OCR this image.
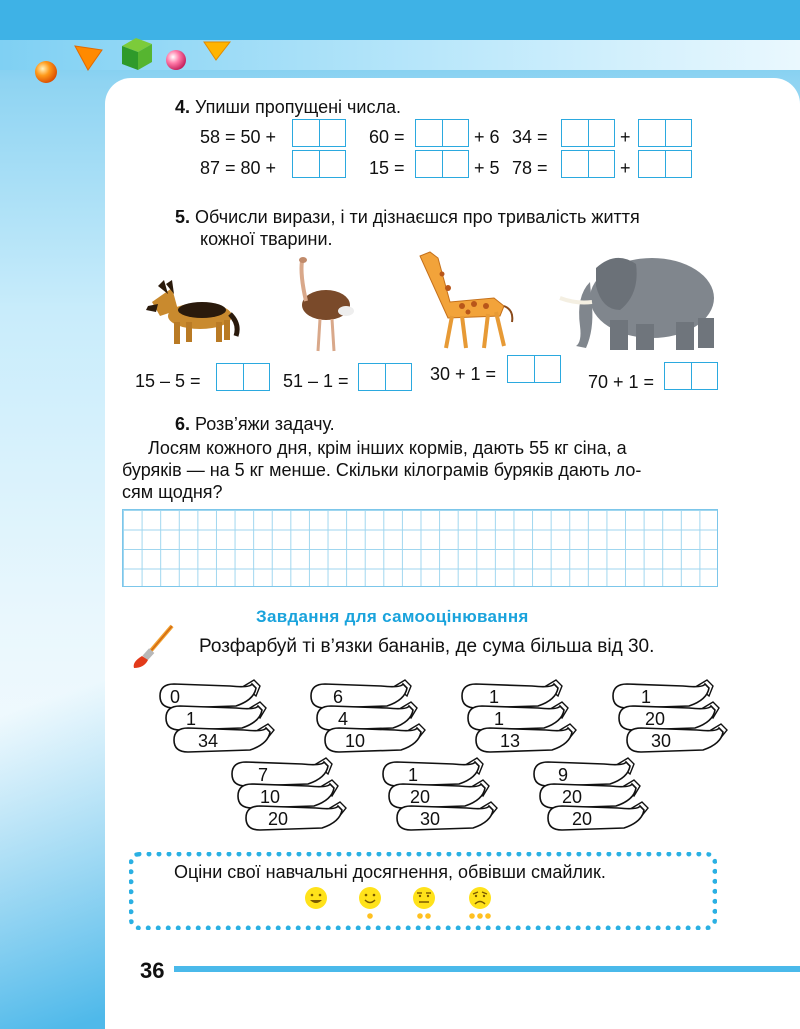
4. Упиши пропущені числа.
58 = 50 +	60 =	+ 6 34 =	+
87 = 80 +	15 =	+ 5 78 =	+
5. Обчисли вирази, і ти дізнаєшся про тривалість життя
кожної тварини.
15 – 5 =	51 – 1 =	30 + 1 =	70 + 1 =
6. Розв’яжи задачу.
Лосям кожного дня, крім інших кормів, дають 55 кг сіна, а
буряків — на 5 кг менше. Скільки кілограмів буряків дають ло-
сям щодня?
Завдання для самооцінювання
Розфарбуй ті в’язки бананів, де сума більша від 30.
0
1
34
6
4
10
1
1
13
1
20
30
7
10
20
1
20
30
9
20
20
Оціни свої навчальні досягнення, обвівши смайлик.
36
